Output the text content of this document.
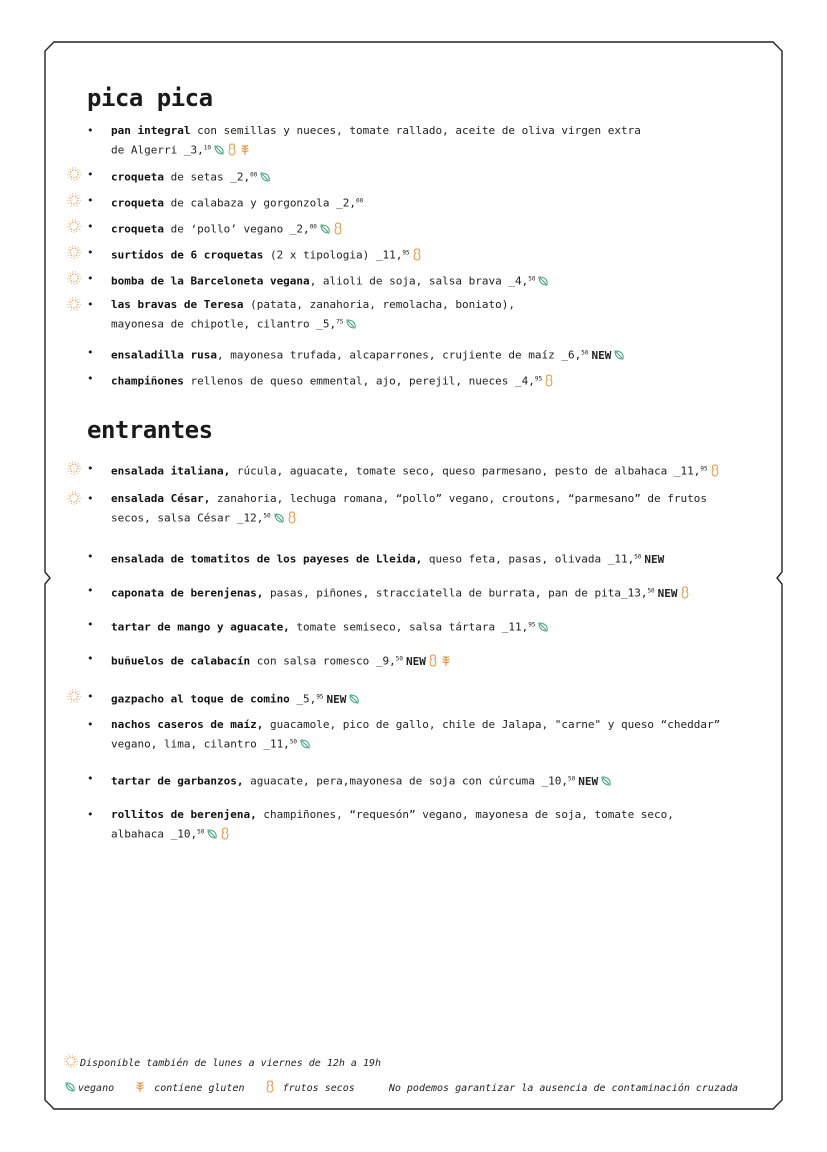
pica pica
• pan integral con semillas y nueces, tomate rallado, aceite de oliva virgen extra
de Algerri _3,10
• croqueta de setas _2,00
• croqueta de calabaza y gorgonzola _2,00
• croqueta de ‘pollo’ vegano _2,00
• surtidos de 6 croquetas (2 x tipologia) _11,95
• bomba de la Barceloneta vegana, alioli de soja, salsa brava _4,50
• las bravas de Teresa (patata, zanahoria, remolacha, boniato),
mayonesa de chipotle, cilantro _5,75
• ensaladilla rusa, mayonesa trufada, alcaparrones, crujiente de maíz _6,50 NEW
• champiñones rellenos de queso emmental, ajo, perejil, nueces _4,95
entrantes
• ensalada italiana, rúcula, aguacate, tomate seco, queso parmesano, pesto de albahaca _11,95
• ensalada César, zanahoria, lechuga romana, “pollo” vegano, croutons, “parmesano” de frutos
secos, salsa César _12,50
• ensalada de tomatitos de los payeses de Lleida, queso feta, pasas, olivada _11,50 NEW
• caponata de berenjenas, pasas, piñones, stracciatella de burrata, pan de pita_13,50 NEW
• tartar de mango y aguacate, tomate semiseco, salsa tártara _11,95
• buñuelos de calabacín con salsa romesco _9,50 NEW
• gazpacho al toque de comino _5,95 NEW
• nachos caseros de maíz, guacamole, pico de gallo, chile de Jalapa, "carne" y queso “cheddar”
vegano, lima, cilantro _11,50
• tartar de garbanzos, aguacate, pera,mayonesa de soja con cúrcuma _10,50 NEW
• rollitos de berenjena, champiñones, “requesón” vegano, mayonesa de soja, tomate seco,
albahaca _10,50
Disponible también de lunes a viernes de 12h a 19h
vegano	contiene gluten	frutos secos	No podemos garantizar la ausencia de contaminación cruzada
